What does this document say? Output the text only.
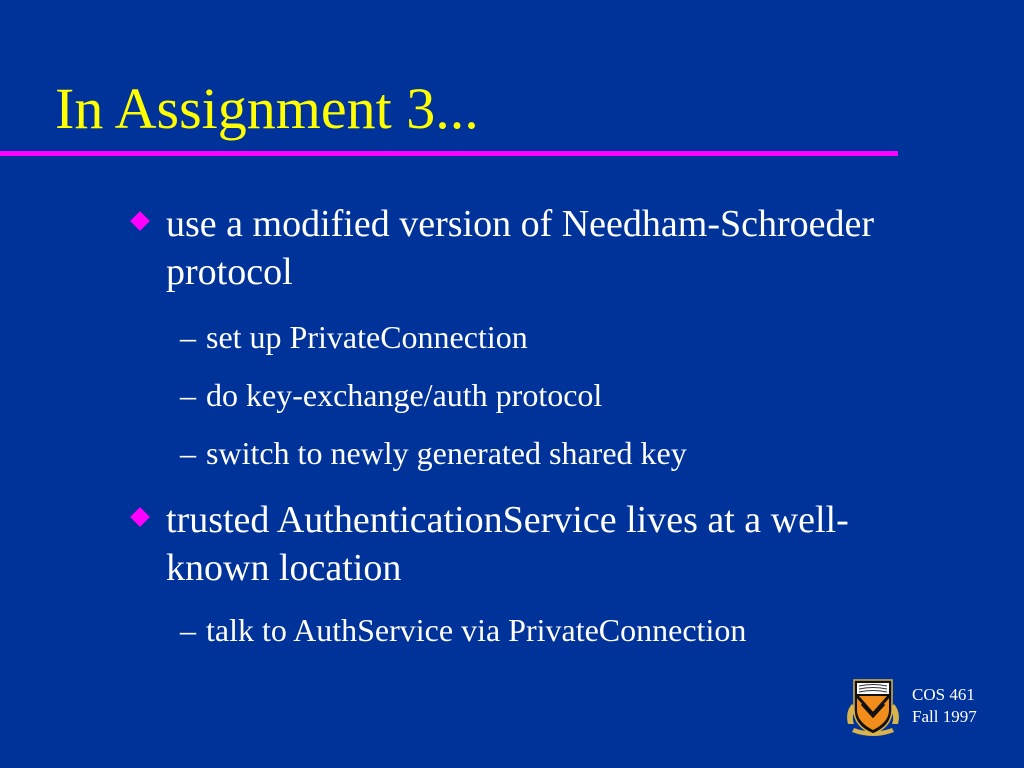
In Assignment 3...
use a modified version of Needham-Schroeder protocol
– set up PrivateConnection
– do key-exchange/auth protocol
– switch to newly generated shared key
trusted AuthenticationService lives at a well-known location
– talk to AuthService via PrivateConnection
COS 461
Fall 1997
